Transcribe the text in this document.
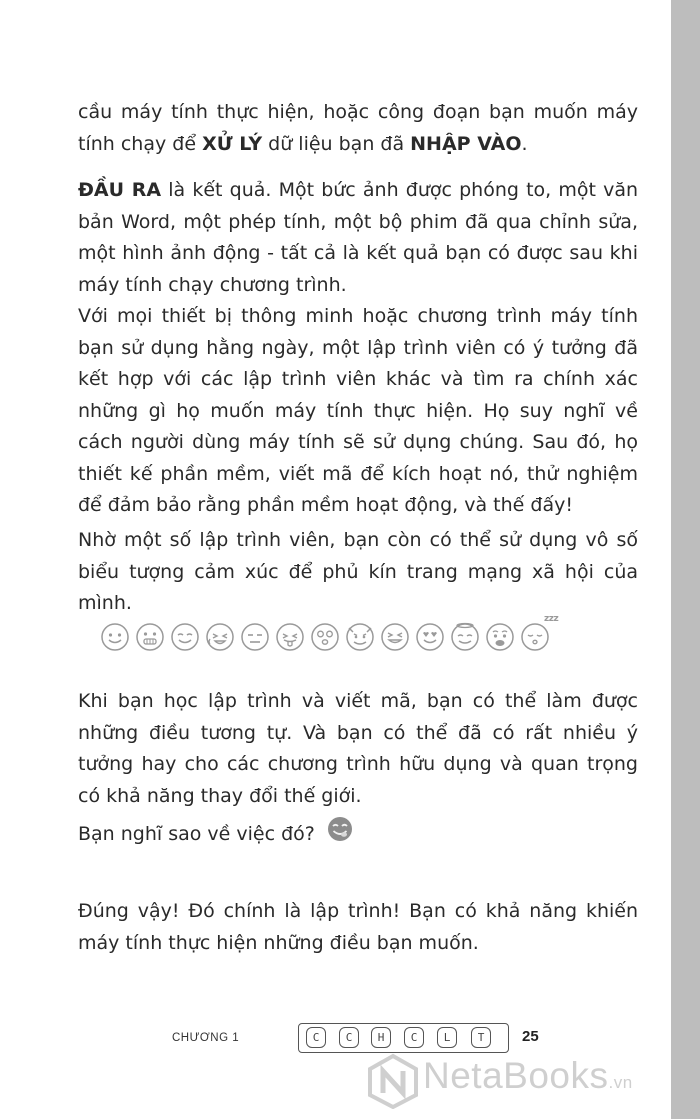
cầu máy tính thực hiện, hoặc công đoạn bạn muốn máy tính chạy để XỬ LÝ dữ liệu bạn đã NHẬP VÀO.

ĐẦU RA là kết quả. Một bức ảnh được phóng to, một văn bản Word, một phép tính, một bộ phim đã qua chỉnh sửa, một hình ảnh động - tất cả là kết quả bạn có được sau khi máy tính chạy chương trình.

Với mọi thiết bị thông minh hoặc chương trình máy tính bạn sử dụng hằng ngày, một lập trình viên có ý tưởng đã kết hợp với các lập trình viên khác và tìm ra chính xác những gì họ muốn máy tính thực hiện. Họ suy nghĩ về cách người dùng máy tính sẽ sử dụng chúng. Sau đó, họ thiết kế phần mềm, viết mã để kích hoạt nó, thử nghiệm để đảm bảo rằng phần mềm hoạt động, và thế đấy!

Nhờ một số lập trình viên, bạn còn có thể sử dụng vô số biểu tượng cảm xúc để phủ kín trang mạng xã hội của mình.

zzz

Khi bạn học lập trình và viết mã, bạn có thể làm được những điều tương tự. Và bạn có thể đã có rất nhiều ý tưởng hay cho các chương trình hữu dụng và quan trọng có khả năng thay đổi thế giới.

Bạn nghĩ sao về việc đó?

Đúng vậy! Đó chính là lập trình! Bạn có khả năng khiến máy tính thực hiện những điều bạn muốn.

CHƯƠNG 1	C	C	H	C	L	T	25
NetaBooks.vn
